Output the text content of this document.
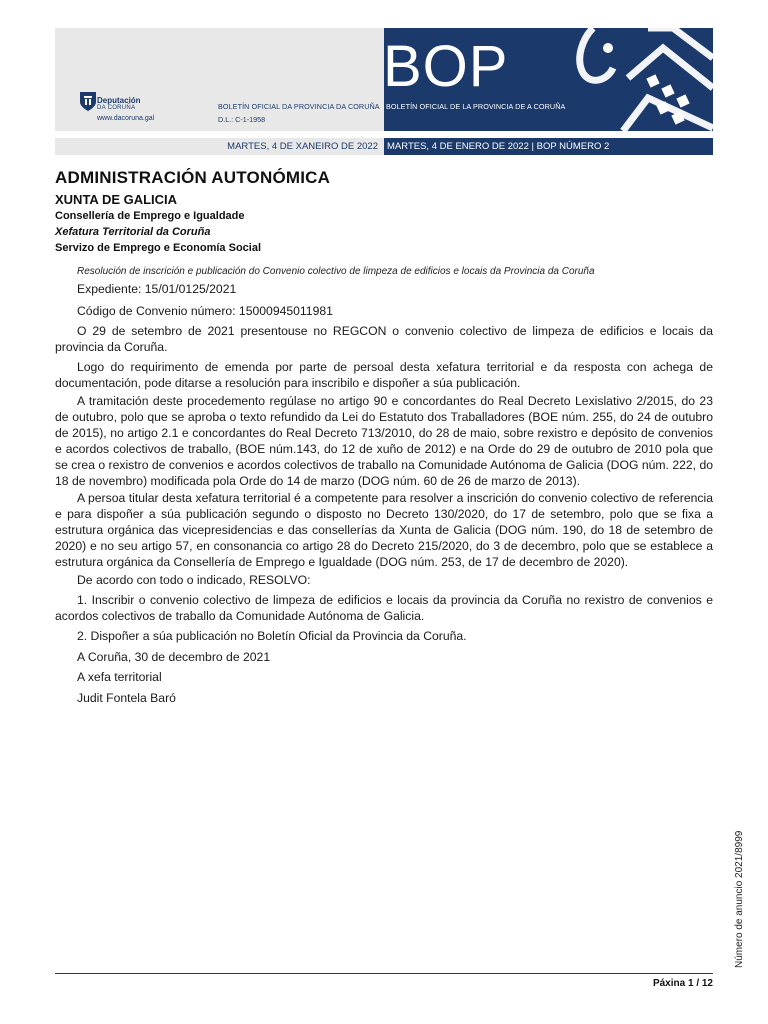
BOP
Deputación
DA CORUÑA
www.dacoruna.gal
BOLETÍN OFICIAL DA PROVINCIA DA CORUÑA
D.L.: C-1-1958
BOLETÍN OFICIAL DE LA PROVINCIA DE A CORUÑA
MARTES, 4 DE XANEIRO DE 2022 MARTES, 4 DE ENERO DE 2022 | BOP NÚMERO 2
ADMINISTRACIÓN AUTONÓMICA
XUNTA DE GALICIA
Consellería de Emprego e Igualdade
Xefatura Territorial da Coruña
Servizo de Emprego e Economía Social
Resolución de inscrición e publicación do Convenio colectivo de limpeza de edificios e locais da Provincia da Coruña
Expediente: 15/01/0125/2021
Código de Convenio número: 15000945011981
O 29 de setembro de 2021 presentouse no REGCON o convenio colectivo de limpeza de edificios e locais da provincia da Coruña.
Logo do requirimento de emenda por parte de persoal desta xefatura territorial e da resposta con achega de documentación, pode ditarse a resolución para inscribilo e dispoñer a súa publicación.
A tramitación deste procedemento regúlase no artigo 90 e concordantes do Real Decreto Lexislativo 2/2015, do 23 de outubro, polo que se aproba o texto refundido da Lei do Estatuto dos Traballadores (BOE núm. 255, do 24 de outubro de 2015), no artigo 2.1 e concordantes do Real Decreto 713/2010, do 28 de maio, sobre rexistro e depósito de convenios e acordos colectivos de traballo, (BOE núm.143, do 12 de xuño de 2012) e na Orde do 29 de outubro de 2010 pola que se crea o rexistro de convenios e acordos colectivos de traballo na Comunidade Autónoma de Galicia (DOG núm. 222, do 18 de novembro) modificada pola Orde do 14 de marzo (DOG núm. 60 de 26 de marzo de 2013).
A persoa titular desta xefatura territorial é a competente para resolver a inscrición do convenio colectivo de referencia e para dispoñer a súa publicación segundo o disposto no Decreto 130/2020, do 17 de setembro, polo que se fixa a estrutura orgánica das vicepresidencias e das consellerías da Xunta de Galicia (DOG núm. 190, do 18 de setembro de 2020) e no seu artigo 57, en consonancia co artigo 28 do Decreto 215/2020, do 3 de decembro, polo que se establece a estrutura orgánica da Consellería de Emprego e Igualdade (DOG núm. 253, de 17 de decembro de 2020).
De acordo con todo o indicado, RESOLVO:
1. Inscribir o convenio colectivo de limpeza de edificios e locais da provincia da Coruña no rexistro de convenios e acordos colectivos de traballo da Comunidade Autónoma de Galicia.
2. Dispoñer a súa publicación no Boletín Oficial da Provincia da Coruña.
A Coruña, 30 de decembro de 2021
A xefa territorial
Judit Fontela Baró
Número de anuncio 2021/8999
Páxina 1 / 12
